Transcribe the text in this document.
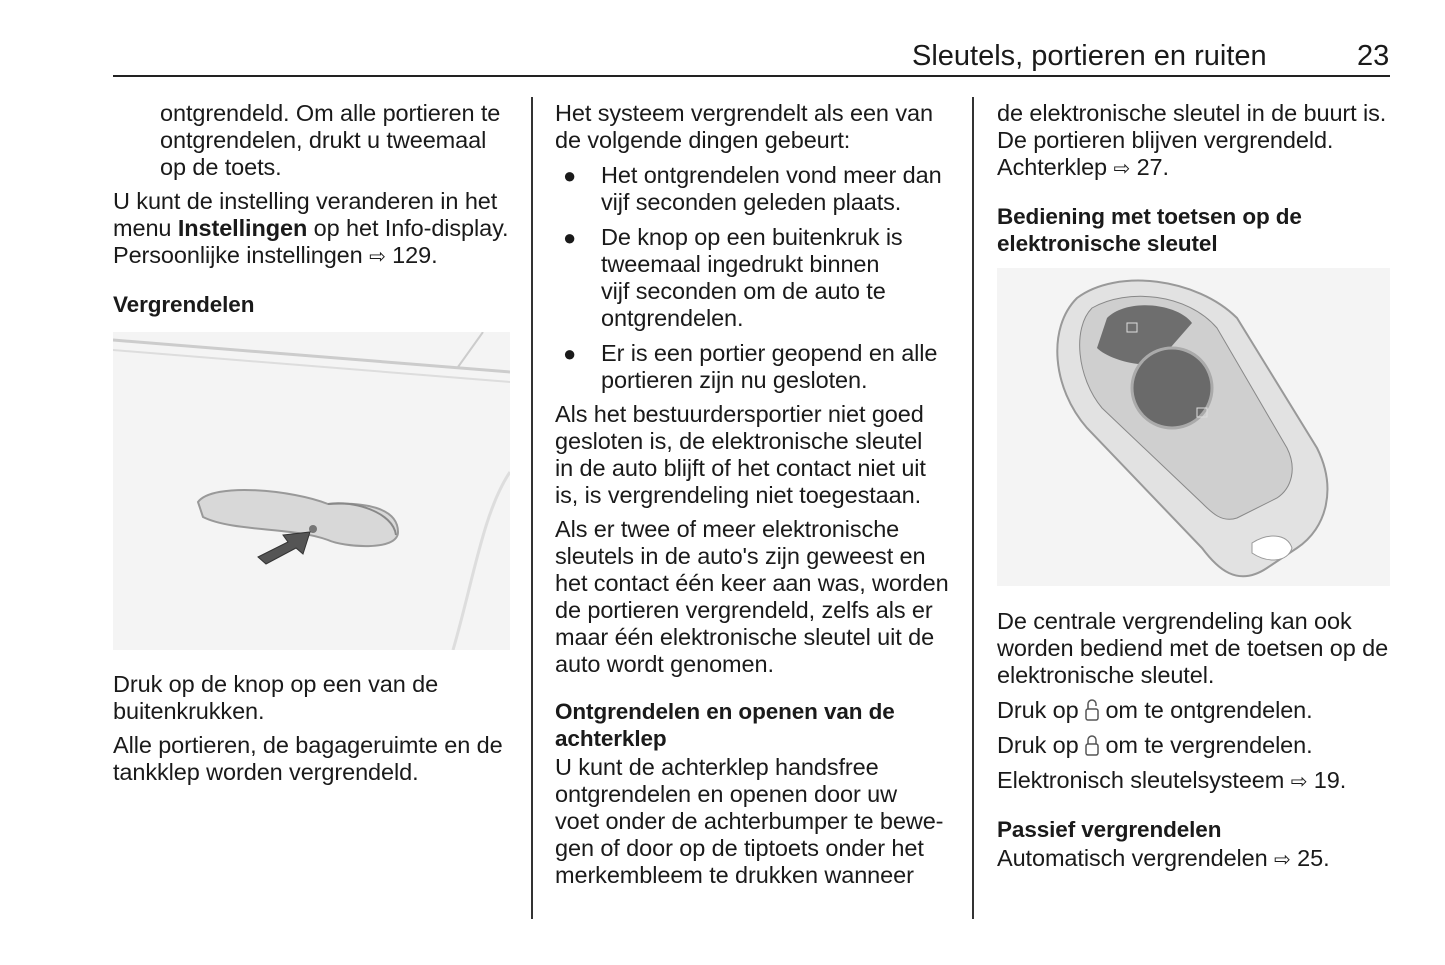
Sleutels, portieren en ruiten	23
ontgrendeld. Om alle portieren te
ontgrendelen, drukt u tweemaal
op de toets.
U kunt de instelling veranderen in het
menu Instellingen op het Info-display.
Persoonlijke instellingen ⇨ 129.
Vergrendelen
Druk op de knop op een van de
buitenkrukken.
Alle portieren, de bagageruimte en de
tankklep worden vergrendeld.
Het systeem vergrendelt als een van
de volgende dingen gebeurt:
● Het ontgrendelen vond meer dan
vijf seconden geleden plaats.
● De knop op een buitenkruk is
tweemaal ingedrukt binnen
vijf seconden om de auto te
ontgrendelen.
● Er is een portier geopend en alle
portieren zijn nu gesloten.
Als het bestuurdersportier niet goed
gesloten is, de elektronische sleutel
in de auto blijft of het contact niet uit
is, is vergrendeling niet toegestaan.
Als er twee of meer elektronische
sleutels in de auto's zijn geweest en
het contact één keer aan was, worden
de portieren vergrendeld, zelfs als er
maar één elektronische sleutel uit de
auto wordt genomen.
Ontgrendelen en openen van de
achterklep
U kunt de achterklep handsfree
ontgrendelen en openen door uw
voet onder de achterbumper te bewe-
gen of door op de tiptoets onder het
merkembleem te drukken wanneer
de elektronische sleutel in de buurt is.
De portieren blijven vergrendeld.
Achterklep ⇨ 27.
Bediening met toetsen op de
elektronische sleutel
De centrale vergrendeling kan ook
worden bediend met de toetsen op de
elektronische sleutel.
Druk op  om te ontgrendelen.
Druk op  om te vergrendelen.
Elektronisch sleutelsysteem ⇨ 19.
Passief vergrendelen
Automatisch vergrendelen ⇨ 25.
